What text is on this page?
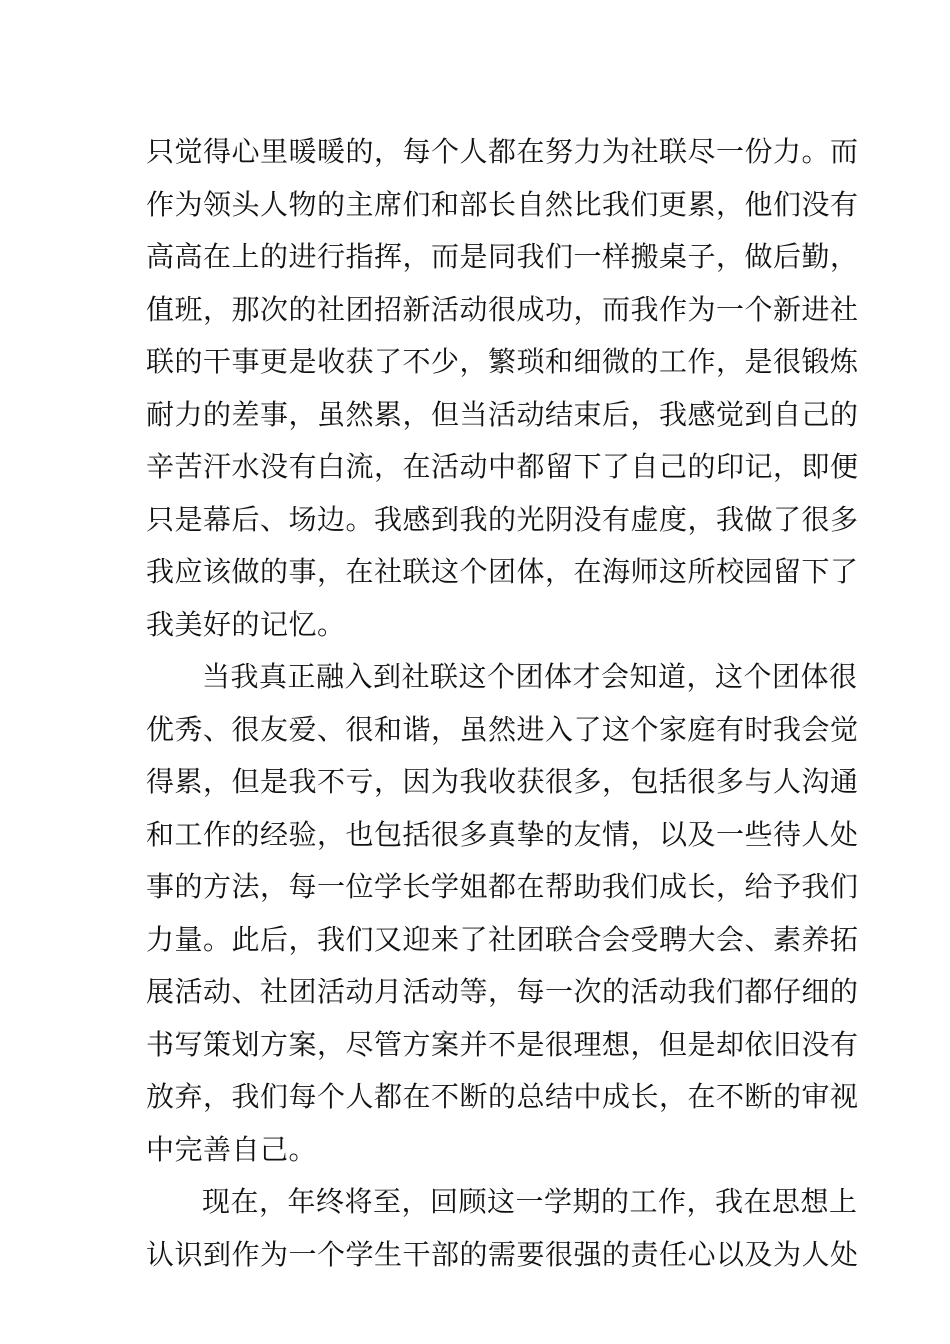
只觉得心里暖暖的，每个人都在努力为社联尽一份力。而
作为领头人物的主席们和部长自然比我们更累，他们没有
高高在上的进行指挥，而是同我们一样搬桌子，做后勤，
值班，那次的社团招新活动很成功，而我作为一个新进社
联的干事更是收获了不少，繁琐和细微的工作，是很锻炼
耐力的差事，虽然累，但当活动结束后，我感觉到自己的
辛苦汗水没有白流，在活动中都留下了自己的印记，即便
只是幕后、场边。我感到我的光阴没有虚度，我做了很多
我应该做的事，在社联这个团体，在海师这所校园留下了
我美好的记忆。
当我真正融入到社联这个团体才会知道，这个团体很
优秀、很友爱、很和谐，虽然进入了这个家庭有时我会觉
得累，但是我不亏，因为我收获很多，包括很多与人沟通
和工作的经验，也包括很多真挚的友情，以及一些待人处
事的方法，每一位学长学姐都在帮助我们成长，给予我们
力量。此后，我们又迎来了社团联合会受聘大会、素养拓
展活动、社团活动月活动等，每一次的活动我们都仔细的
书写策划方案，尽管方案并不是很理想，但是却依旧没有
放弃，我们每个人都在不断的总结中成长，在不断的审视
中完善自己。
现在，年终将至，回顾这一学期的工作，我在思想上
认识到作为一个学生干部的需要很强的责任心以及为人处
